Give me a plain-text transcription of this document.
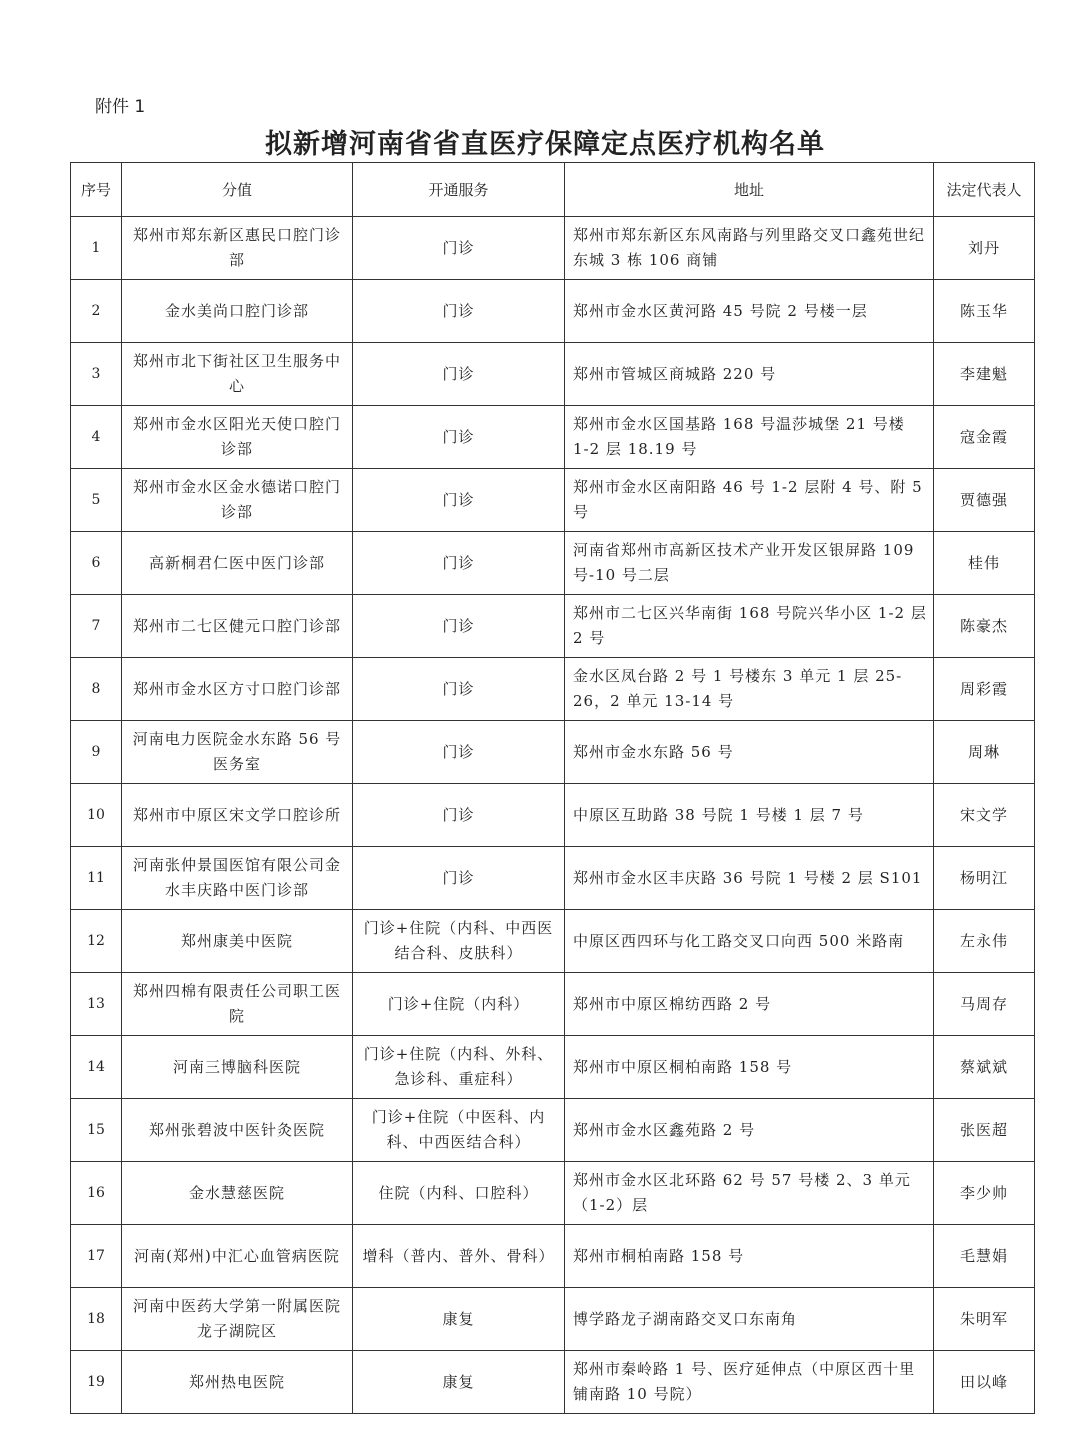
附件 1
拟新增河南省省直医疗保障定点医疗机构名单
序号	分值	开通服务	地址	法定代表人
1	郑州市郑东新区惠民口腔门诊部	门诊	郑州市郑东新区东风南路与列里路交叉口鑫苑世纪东城 3 栋 106 商铺	刘丹
2	金水美尚口腔门诊部	门诊	郑州市金水区黄河路 45 号院 2 号楼一层	陈玉华
3	郑州市北下街社区卫生服务中心	门诊	郑州市管城区商城路 220 号	李建魁
4	郑州市金水区阳光天使口腔门诊部	门诊	郑州市金水区国基路 168 号温莎城堡 21 号楼 1-2 层 18.19 号	寇金霞
5	郑州市金水区金水德诺口腔门诊部	门诊	郑州市金水区南阳路 46 号 1-2 层附 4 号、附 5 号	贾德强
6	高新桐君仁医中医门诊部	门诊	河南省郑州市高新区技术产业开发区银屏路 109 号-10 号二层	桂伟
7	郑州市二七区健元口腔门诊部	门诊	郑州市二七区兴华南街 168 号院兴华小区 1-2 层 2 号	陈豪杰
8	郑州市金水区方寸口腔门诊部	门诊	金水区凤台路 2 号 1 号楼东 3 单元 1 层 25-26，2 单元 13-14 号	周彩霞
9	河南电力医院金水东路 56 号医务室	门诊	郑州市金水东路 56 号	周琳
10	郑州市中原区宋文学口腔诊所	门诊	中原区互助路 38 号院 1 号楼 1 层 7 号	宋文学
11	河南张仲景国医馆有限公司金水丰庆路中医门诊部	门诊	郑州市金水区丰庆路 36 号院 1 号楼 2 层 S101	杨明江
12	郑州康美中医院	门诊+住院（内科、中西医结合科、皮肤科）	中原区西四环与化工路交叉口向西 500 米路南	左永伟
13	郑州四棉有限责任公司职工医院	门诊+住院（内科）	郑州市中原区棉纺西路 2 号	马周存
14	河南三博脑科医院	门诊+住院（内科、外科、急诊科、重症科）	郑州市中原区桐柏南路 158 号	蔡斌斌
15	郑州张碧波中医针灸医院	门诊+住院（中医科、内科、中西医结合科）	郑州市金水区鑫苑路 2 号	张医超
16	金水慧慈医院	住院（内科、口腔科）	郑州市金水区北环路 62 号 57 号楼 2、3 单元（1-2）层	李少帅
17	河南(郑州)中汇心血管病医院	增科（普内、普外、骨科）	郑州市桐柏南路 158 号	毛慧娟
18	河南中医药大学第一附属医院龙子湖院区	康复	博学路龙子湖南路交叉口东南角	朱明军
19	郑州热电医院	康复	郑州市秦岭路 1 号、医疗延伸点（中原区西十里铺南路 10 号院）	田以峰
